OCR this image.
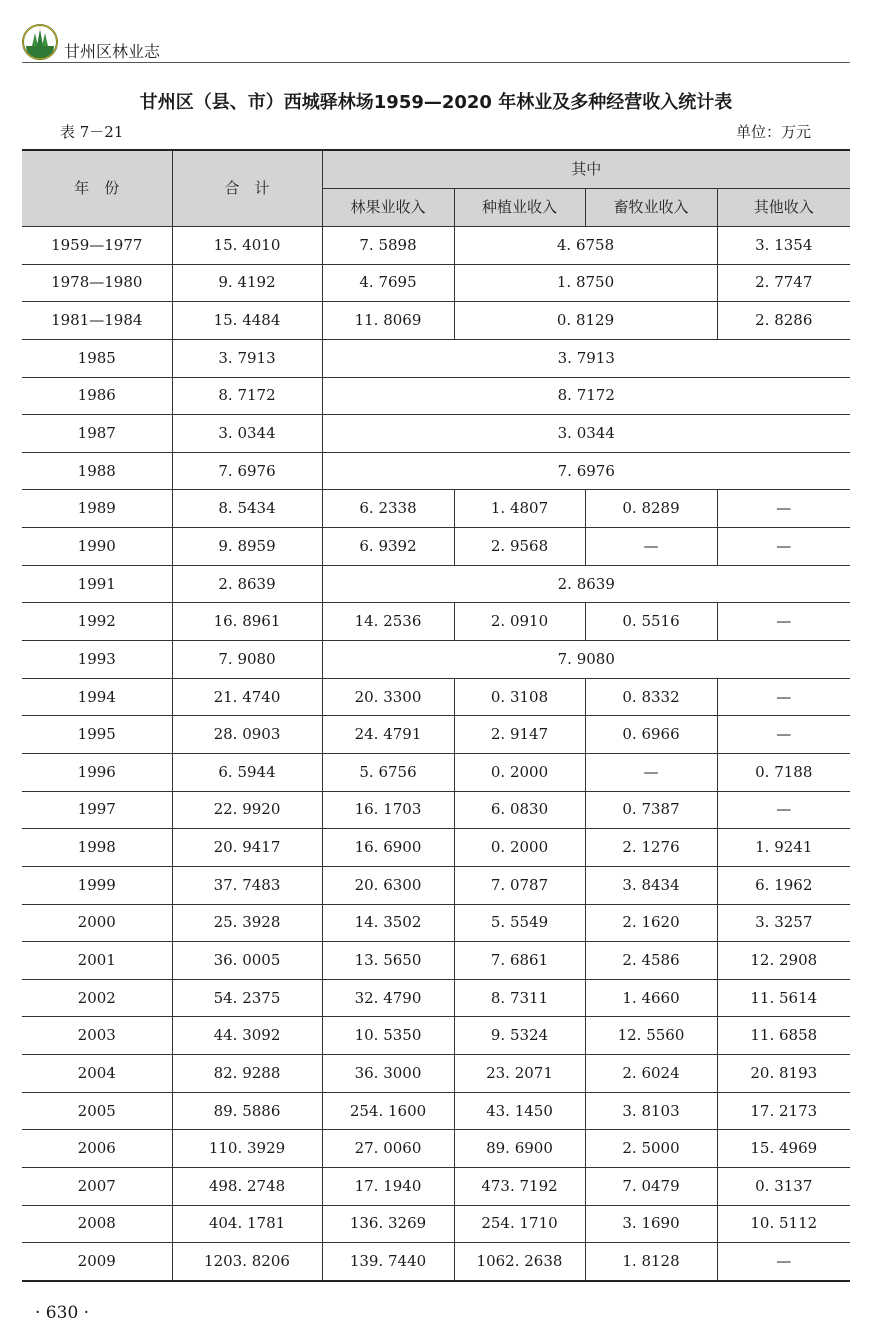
甘州区林业志
甘州区（县、市）西城驿林场1959—2020 年林业及多种经营收入统计表
表 7－21	单位：万元
年　份	合　计	其中			
		林果业收入	种植业收入	畜牧业收入	其他收入
1959—1977	15. 4010	7. 5898	4. 6758		3. 1354
1978—1980	9. 4192	4. 7695	1. 8750		2. 7747
1981—1984	15. 4484	11. 8069	0. 8129		2. 8286
1985	3. 7913	3. 7913			
1986	8. 7172	8. 7172			
1987	3. 0344	3. 0344			
1988	7. 6976	7. 6976			
1989	8. 5434	6. 2338	1. 4807	0. 8289	—
1990	9. 8959	6. 9392	2. 9568	—	—
1991	2. 8639	2. 8639			
1992	16. 8961	14. 2536	2. 0910	0. 5516	—
1993	7. 9080	7. 9080			
1994	21. 4740	20. 3300	0. 3108	0. 8332	—
1995	28. 0903	24. 4791	2. 9147	0. 6966	—
1996	6. 5944	5. 6756	0. 2000	—	0. 7188
1997	22. 9920	16. 1703	6. 0830	0. 7387	—
1998	20. 9417	16. 6900	0. 2000	2. 1276	1. 9241
1999	37. 7483	20. 6300	7. 0787	3. 8434	6. 1962
2000	25. 3928	14. 3502	5. 5549	2. 1620	3. 3257
2001	36. 0005	13. 5650	7. 6861	2. 4586	12. 2908
2002	54. 2375	32. 4790	8. 7311	1. 4660	11. 5614
2003	44. 3092	10. 5350	9. 5324	12. 5560	11. 6858
2004	82. 9288	36. 3000	23. 2071	2. 6024	20. 8193
2005	89. 5886	254. 1600	43. 1450	3. 8103	17. 2173
2006	110. 3929	27. 0060	89. 6900	2. 5000	15. 4969
2007	498. 2748	17. 1940	473. 7192	7. 0479	0. 3137
2008	404. 1781	136. 3269	254. 1710	3. 1690	10. 5112
2009	1203. 8206	139. 7440	1062. 2638	1. 8128	—
· 630 ·
